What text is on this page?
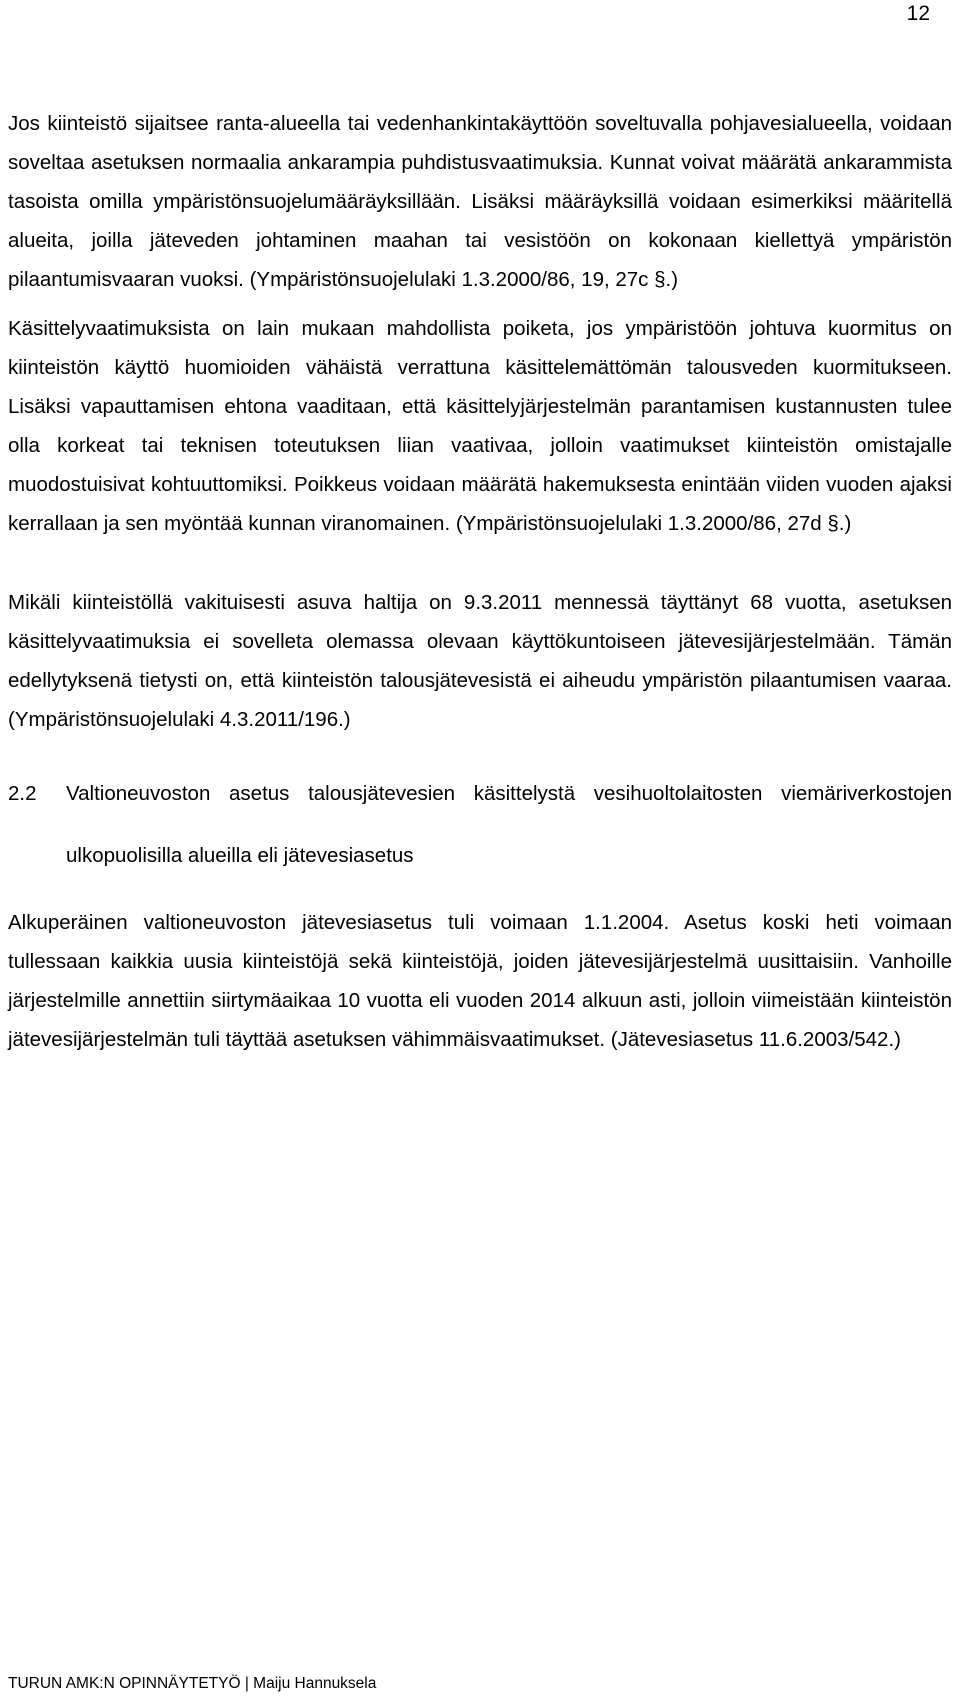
12

Jos kiinteistö sijaitsee ranta-alueella tai vedenhankintakäyttöön soveltuvalla pohjavesialueella, voidaan soveltaa asetuksen normaalia ankarampia puhdistusvaatimuksia. Kunnat voivat määrätä ankarammista tasoista omilla ympäristönsuojelumääräyksillään. Lisäksi määräyksillä voidaan esimerkiksi määritellä alueita, joilla jäteveden johtaminen maahan tai vesistöön on kokonaan kiellettyä ympäristön pilaantumisvaaran vuoksi. (Ympäristönsuojelulaki 1.3.2000/86, 19, 27c §.)

Käsittelyvaatimuksista on lain mukaan mahdollista poiketa, jos ympäristöön johtuva kuormitus on kiinteistön käyttö huomioiden vähäistä verrattuna käsittelemättömän talousveden kuormitukseen. Lisäksi vapauttamisen ehtona vaaditaan, että käsittelyjärjestelmän parantamisen kustannusten tulee olla korkeat tai teknisen toteutuksen liian vaativaa, jolloin vaatimukset kiinteistön omistajalle muodostuisivat kohtuuttomiksi. Poikkeus voidaan määrätä hakemuksesta enintään viiden vuoden ajaksi kerrallaan ja sen myöntää kunnan viranomainen. (Ympäristönsuojelulaki 1.3.2000/86, 27d §.)

Mikäli kiinteistöllä vakituisesti asuva haltija on 9.3.2011 mennessä täyttänyt 68 vuotta, asetuksen käsittelyvaatimuksia ei sovelleta olemassa olevaan käyttökuntoiseen jätevesijärjestelmään. Tämän edellytyksenä tietysti on, että kiinteistön talousjätevesistä ei aiheudu ympäristön pilaantumisen vaaraa. (Ympäristönsuojelulaki 4.3.2011/196.)

2.2	Valtioneuvoston asetus talousjätevesien käsittelystä vesihuoltolaitosten viemäriverkostojen ulkopuolisilla alueilla eli jätevesiasetus

Alkuperäinen valtioneuvoston jätevesiasetus tuli voimaan 1.1.2004. Asetus koski heti voimaan tullessaan kaikkia uusia kiinteistöjä sekä kiinteistöjä, joiden jätevesijärjestelmä uusittaisiin. Vanhoille järjestelmille annettiin siirtymäaikaa 10 vuotta eli vuoden 2014 alkuun asti, jolloin viimeistään kiinteistön jätevesijärjestelmän tuli täyttää asetuksen vähimmäisvaatimukset. (Jätevesiasetus 11.6.2003/542.)

TURUN AMK:N OPINNÄYTETYÖ | Maiju Hannuksela
